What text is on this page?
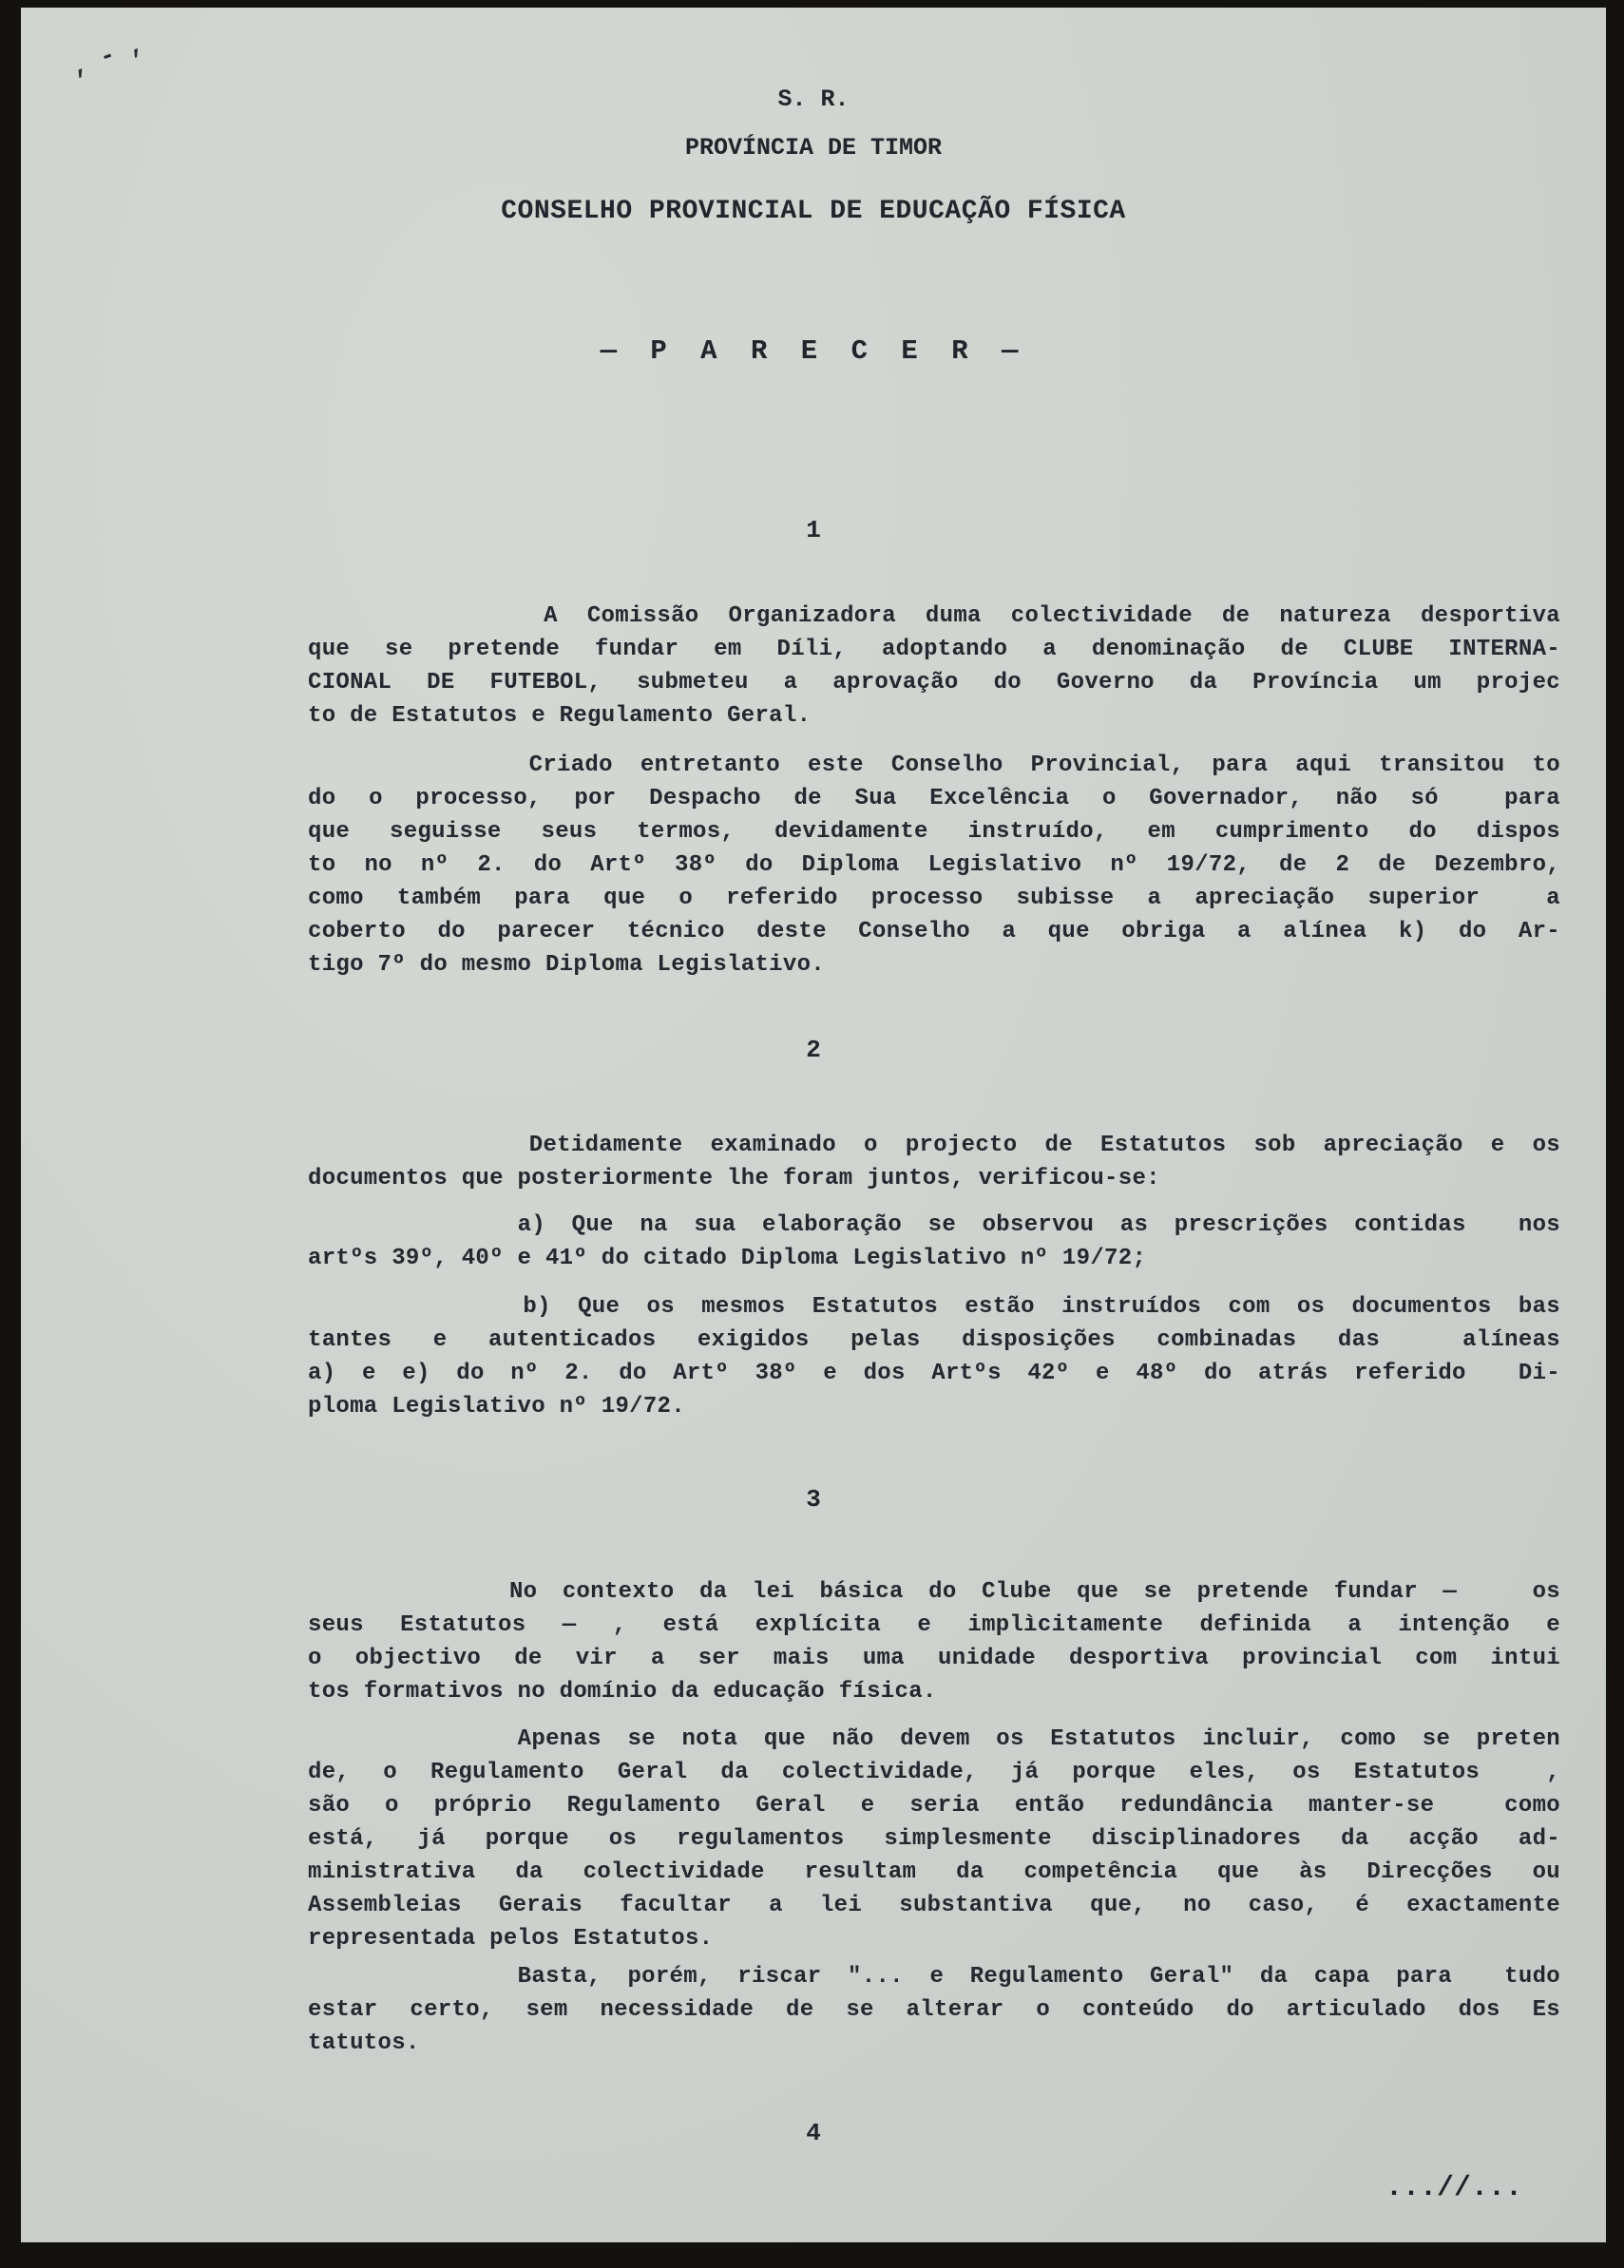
, - ,
S. R.
PROVÍNCIA DE TIMOR
CONSELHO PROVINCIAL DE EDUCAÇÃO FÍSICA
— P A R E C E R —
1
A Comissão Organizadora duma colectividade de natureza desportiva
que se pretende fundar em Díli, adoptando a denominação de CLUBE INTERNA-
CIONAL DE FUTEBOL, submeteu a aprovação do Governo da Província um projec
to de Estatutos e Regulamento Geral.
Criado entretanto este Conselho Provincial, para aqui transitou to
do o processo, por Despacho de Sua Excelência o Governador, não só  para
que seguisse seus termos, devidamente instruído, em cumprimento do dispos
to no nº 2. do Artº 38º do Diploma Legislativo nº 19/72, de 2 de Dezembro,
como também para que o referido processo subisse a apreciação superior  a
coberto do parecer técnico deste Conselho a que obriga a alínea k) do Ar-
tigo 7º do mesmo Diploma Legislativo.
2
Detidamente examinado o projecto de Estatutos sob apreciação e os
documentos que posteriormente lhe foram juntos, verificou-se:
a) Que na sua elaboração se observou as prescrições contidas  nos
artºs 39º, 40º e 41º do citado Diploma Legislativo nº 19/72;
b) Que os mesmos Estatutos estão instruídos com os documentos bas
tantes e autenticados exigidos pelas disposições combinadas das  alíneas
a) e e) do nº 2. do Artº 38º e dos Artºs 42º e 48º do atrás referido  Di-
ploma Legislativo nº 19/72.
3
No contexto da lei básica do Clube que se pretende fundar —   os
seus Estatutos — , está explícita e implìcitamente definida a intenção e
o objectivo de vir a ser mais uma unidade desportiva provincial com intui
tos formativos no domínio da educação física.
Apenas se nota que não devem os Estatutos incluir, como se preten
de, o Regulamento Geral da colectividade, já porque eles, os Estatutos  ,
são o próprio Regulamento Geral e seria então redundância manter-se  como
está, já porque os regulamentos simplesmente disciplinadores da acção ad-
ministrativa da colectividade resultam da competência que às Direcções ou
Assembleias Gerais facultar a lei substantiva que, no caso, é exactamente
representada pelos Estatutos.
Basta, porém, riscar "... e Regulamento Geral" da capa para  tudo
estar certo, sem necessidade de se alterar o conteúdo do articulado dos Es
tatutos.
4
...//...
